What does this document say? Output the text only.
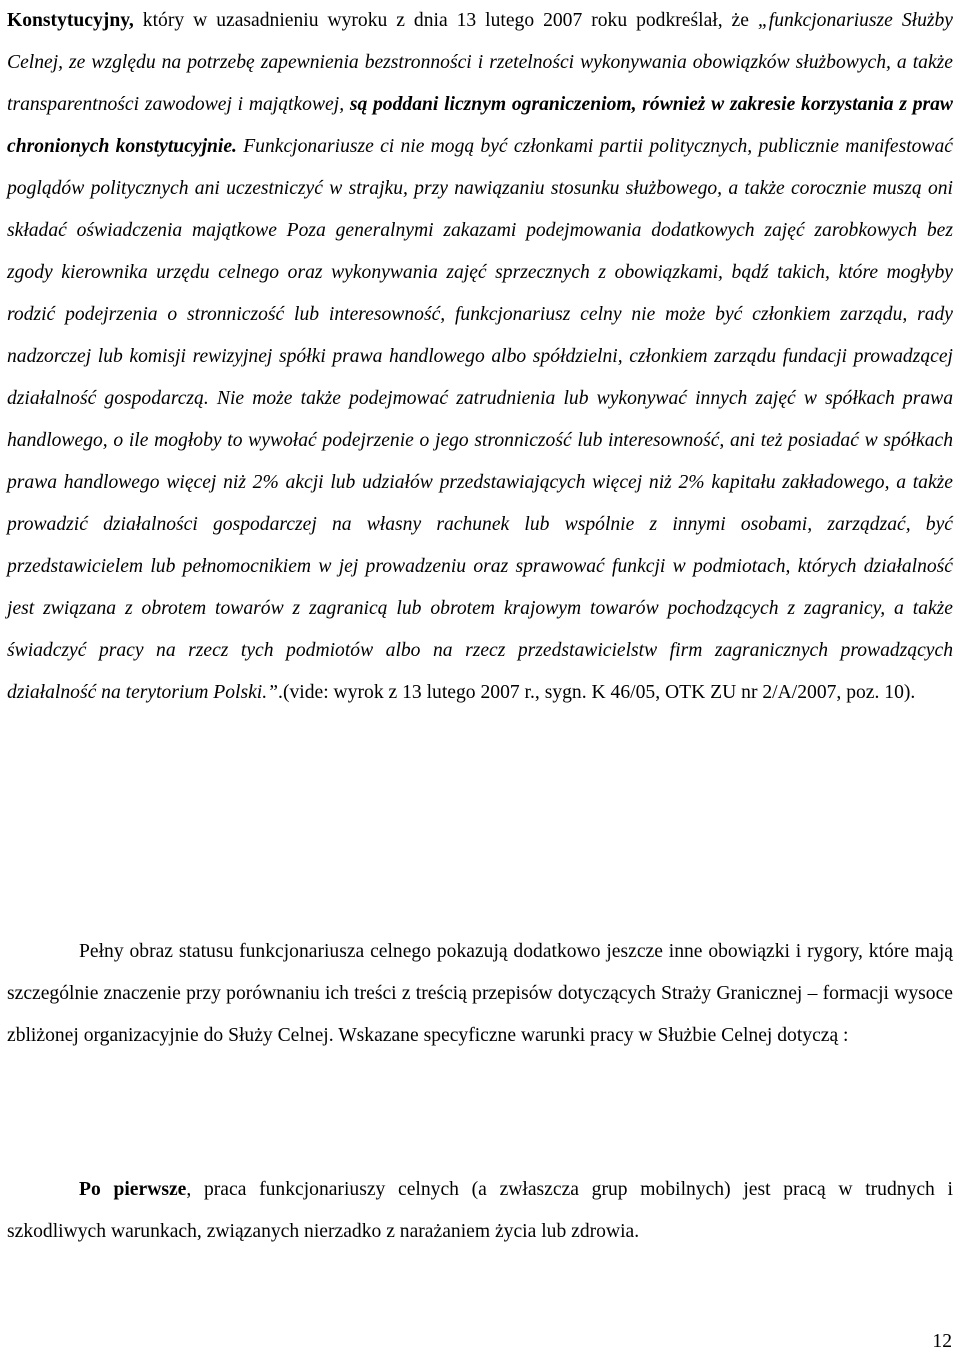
Konstytucyjny, który w uzasadnieniu wyroku z dnia 13 lutego 2007 roku podkreślał, że „funkcjonariusze Służby Celnej, ze względu na potrzebę zapewnienia bezstronności i rzetelności wykonywania obowiązków służbowych, a także transparentności zawodowej i majątkowej, są poddani licznym ograniczeniom, również w zakresie korzystania z praw chronionych konstytucyjnie. Funkcjonariusze ci nie mogą być członkami partii politycznych, publicznie manifestować poglądów politycznych ani uczestniczyć w strajku, przy nawiązaniu stosunku służbowego, a także corocznie muszą oni składać oświadczenia majątkowe Poza generalnymi zakazami podejmowania dodatkowych zajęć zarobkowych bez zgody kierownika urzędu celnego oraz wykonywania zajęć sprzecznych z obowiązkami, bądź takich, które mogłyby rodzić podejrzenia o stronniczość lub interesowność, funkcjonariusz celny nie może być członkiem zarządu, rady nadzorczej lub komisji rewizyjnej spółki prawa handlowego albo spółdzielni, członkiem zarządu fundacji prowadzącej działalność gospodarczą. Nie może także podejmować zatrudnienia lub wykonywać innych zajęć w spółkach prawa handlowego, o ile mogłoby to wywołać podejrzenie o jego stronniczość lub interesowność, ani też posiadać w spółkach prawa handlowego więcej niż 2% akcji lub udziałów przedstawiających więcej niż 2% kapitału zakładowego, a także prowadzić działalności gospodarczej na własny rachunek lub wspólnie z innymi osobami, zarządzać, być przedstawicielem lub pełnomocnikiem w jej prowadzeniu oraz sprawować funkcji w podmiotach, których działalność jest związana z obrotem towarów z zagranicą lub obrotem krajowym towarów pochodzących z zagranicy, a także świadczyć pracy na rzecz tych podmiotów albo na rzecz przedstawicielstw firm zagranicznych prowadzących działalność na terytorium Polski.”.(vide: wyrok z 13 lutego 2007 r., sygn. K 46/05, OTK ZU nr 2/A/2007, poz. 10).

Pełny obraz statusu funkcjonariusza celnego pokazują dodatkowo jeszcze inne obowiązki i rygory, które mają szczególnie znaczenie przy porównaniu ich treści z treścią przepisów dotyczących Straży Granicznej – formacji wysoce zbliżonej organizacyjnie do Służy Celnej. Wskazane specyficzne warunki pracy w Służbie Celnej dotyczą :

Po pierwsze, praca funkcjonariuszy celnych (a zwłaszcza grup mobilnych) jest pracą w trudnych i szkodliwych warunkach, związanych nierzadko z narażaniem życia lub zdrowia.

12
